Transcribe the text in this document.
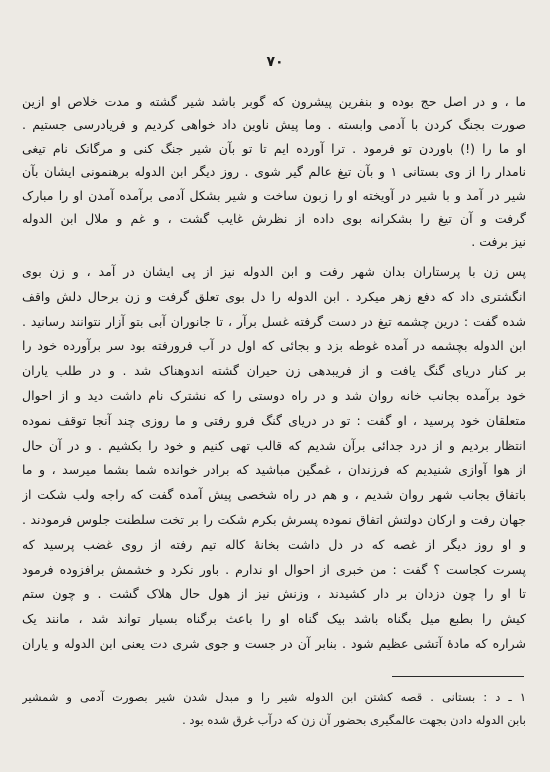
۷۰
ما ، و در اصل حج بوده و بنفرین پیشرون که گوبر باشد شیر گشته و مدت خلاص او ازین
صورت بجنگ کردن با آدمی وابسته . وما پیش ناوین داد خواهی کردیم و فریادرسی جستیم .
او ما را (!) باوردن تو فرمود . ترا آورده ایم تا تو بآن شیر جنگ کنی و مرگانک نام تیغی
نامدار را از وی بستانی ۱ و بآن تیغ عالم گیر شوی . روز دیگر ابن الدوله برهنمونی ایشان بآن
شیر در آمد و با شیر در آویخته او را زبون ساخت و شیر بشکل آدمی برآمده آمدن او را مبارک
گرفت و آن تیغ را بشکرانه بوی داده از نظرش غایب گشت ، و غم و ملال ابن الدوله
نیز برفت .
پس زن با پرستاران بدان شهر رفت و ابن الدوله نیز از پی ایشان در آمد ، و زن بوی
انگشتری داد که دفع زهر میکرد . ابن الدوله را دل بوی تعلق گرفت و زن برحال دلش واقف
شده گفت : درین چشمه تیغ در دست گرفته غسل برآر ، تا جانوران آبی بتو آزار نتوانند رسانید .
ابن الدوله بچشمه در آمده غوطه بزد و بجائی که اول در آب فرورفته بود سر برآورده خود را
بر کنار دریای گنگ یافت و از فریبدهی زن حیران گشته اندوهناک شد . و در طلب یاران
خود برآمده بجانب خانه روان شد و در راه دوستی را که نشترک نام داشت دید و از احوال
متعلقان خود پرسید ، او گفت : تو در دریای گنگ فرو رفتی و ما روزی چند آنجا توقف نموده
انتظار بردیم و از درد جدائی برآن شدیم که قالب تهی کنیم و خود را بکشیم . و در آن حال
از هوا آوازی شنیدیم که فرزندان ، غمگین مباشید که برادر خوانده شما بشما میرسد ، و ما
باتفاق بجانب شهر روان شدیم ، و هم در راه شخصی پیش آمده گفت که راجه ولب شکت از
جهان رفت و ارکان دولتش اتفاق نموده پسرش بکرم شکت را بر تخت سلطنت جلوس فرمودند .
و او روز دیگر از غصه که در دل داشت بخانهٔ کاله تیم رفته از روی غضب پرسید که
پسرت کجاست ؟ گفت : من خبری از احوال او ندارم . باور نکرد و خشمش برافزوده فرمود
تا او را چون دزدان بر دار کشیدند ، وزنش نیز از هول حال هلاک گشت . و چون ستم
کیش را بطبع میل بگناه باشد بیک گناه او را باعث برگناه بسیار تواند شد ، مانند یک
شراره که مادهٔ آتشی عظیم شود . بنابر آن در جست و جوی شری دت یعنی ابن الدوله و یاران
۱ ـ د : بستانی . قصه کشتن ابن الدوله شیر را و مبدل شدن شیر بصورت آدمی و شمشیر
بابن الدوله دادن بجهت عالمگیری بحضور آن زن که درآب غرق شده بود .
